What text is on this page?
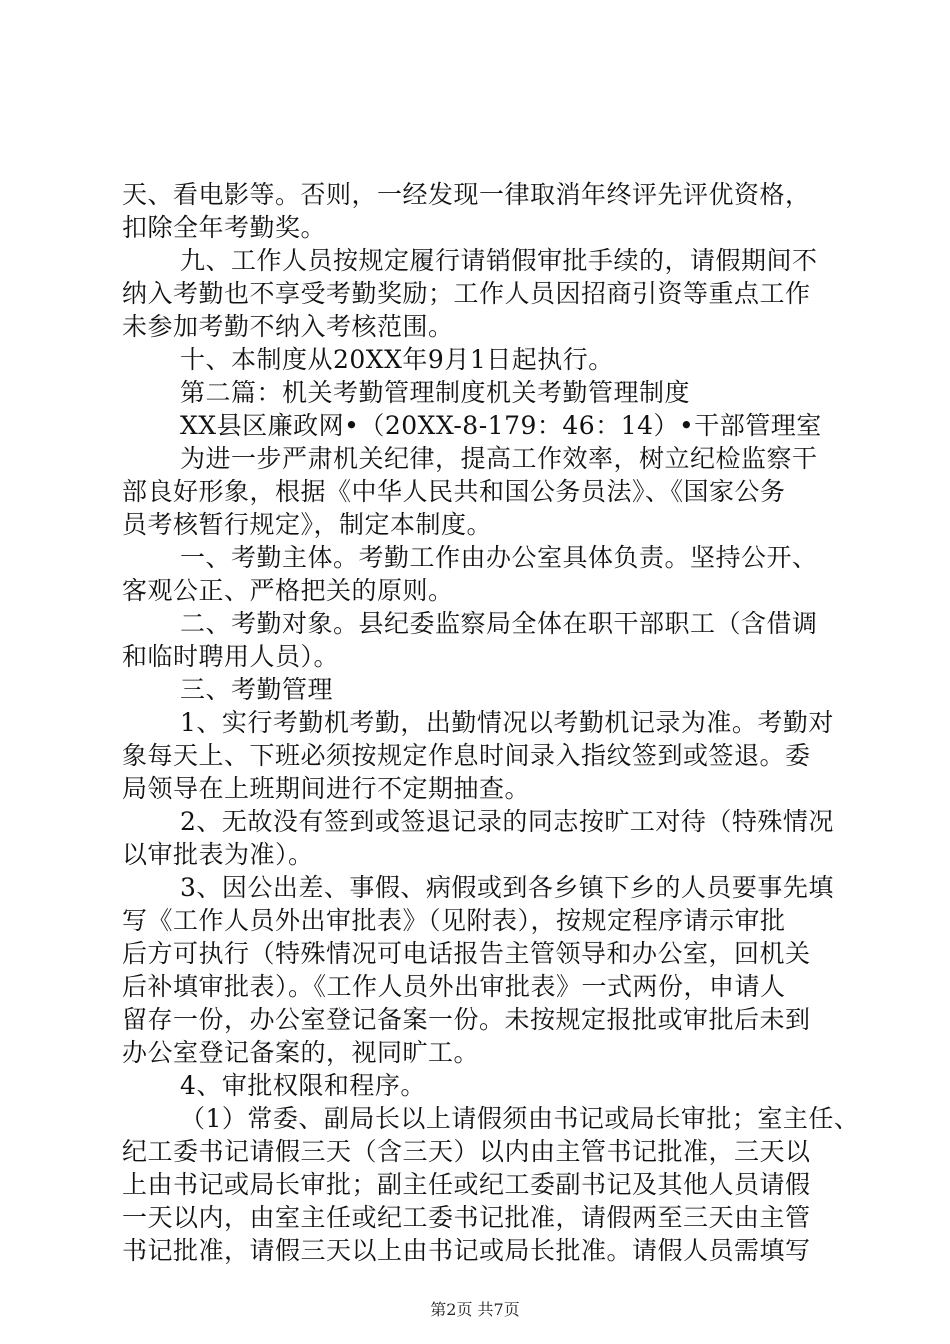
天、看电影等。否则，一经发现一律取消年终评先评优资格，
扣除全年考勤奖。
九、工作人员按规定履行请销假审批手续的，请假期间不
纳入考勤也不享受考勤奖励；工作人员因招商引资等重点工作
未参加考勤不纳入考核范围。
十、本制度从20XX年9月1日起执行。
第二篇：机关考勤管理制度机关考勤管理制度
XX县区廉政网•（20XX-8-179：46：14）•干部管理室
为进一步严肃机关纪律，提高工作效率，树立纪检监察干
部良好形象，根据《中华人民共和国公务员法》、《国家公务
员考核暂行规定》，制定本制度。
一、考勤主体。考勤工作由办公室具体负责。坚持公开、
客观公正、严格把关的原则。
二、考勤对象。县纪委监察局全体在职干部职工（含借调
和临时聘用人员）。
三、考勤管理
1、实行考勤机考勤，出勤情况以考勤机记录为准。考勤对
象每天上、下班必须按规定作息时间录入指纹签到或签退。委
局领导在上班期间进行不定期抽查。
2、无故没有签到或签退记录的同志按旷工对待（特殊情况
以审批表为准）。
3、因公出差、事假、病假或到各乡镇下乡的人员要事先填
写《工作人员外出审批表》（见附表），按规定程序请示审批
后方可执行（特殊情况可电话报告主管领导和办公室，回机关
后补填审批表）。《工作人员外出审批表》一式两份，申请人
留存一份，办公室登记备案一份。未按规定报批或审批后未到
办公室登记备案的，视同旷工。
4、审批权限和程序。
（1）常委、副局长以上请假须由书记或局长审批；室主任、
纪工委书记请假三天（含三天）以内由主管书记批准，三天以
上由书记或局长审批；副主任或纪工委副书记及其他人员请假
一天以内，由室主任或纪工委书记批准，请假两至三天由主管
书记批准，请假三天以上由书记或局长批准。请假人员需填写
第2页 共7页
